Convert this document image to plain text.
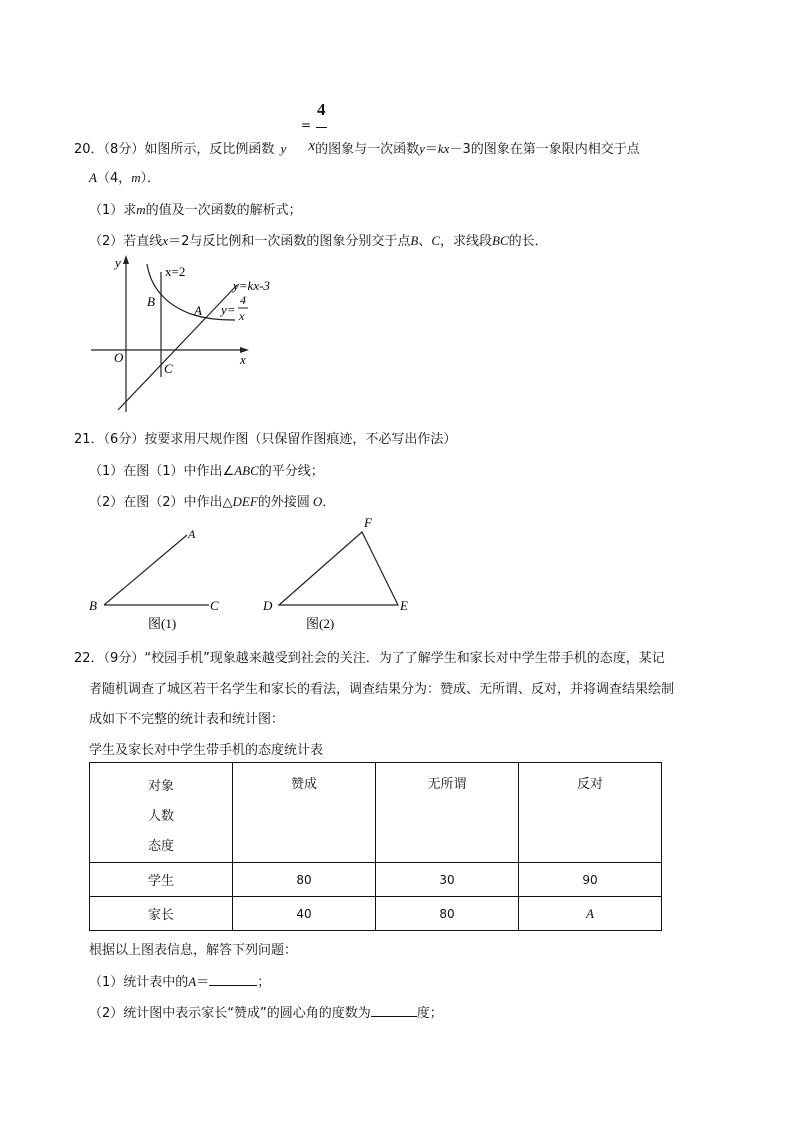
=
4
20．（8分）如图所示，反比例函数 y x的图象与一次函数y＝kx－3的图象在第一象限内相交于点
A（4，m）．
（1）求m的值及一次函数的解析式；
（2）若直线x＝2与反比例和一次函数的图象分别交于点B、C，求线段BC的长．
y
x
O
x=2
y=kx-3
y=
4
x
B
A
C
21．（6分）按要求用尺规作图（只保留作图痕迹，不必写出作法）
（1）在图（1）中作出∠ABC的平分线；
（2）在图（2）中作出△DEF的外接圆 O．
A
B	C
图(1)
F
D	E
图(2)
22．（9分）“校园手机”现象越来越受到社会的关注．为了了解学生和家长对中学生带手机的态度，某记
者随机调查了城区若干名学生和家长的看法，调查结果分为：赞成、无所谓、反对，并将调查结果绘制
成如下不完整的统计表和统计图：
学生及家长对中学生带手机的态度统计表
对象
人数
态度	赞成	无所谓	反对
学生	80	30	90
家长	40	80	A
根据以上图表信息，解答下列问题：
（1）统计表中的A＝	；
（2）统计图中表示家长“赞成”的圆心角的度数为	度；
